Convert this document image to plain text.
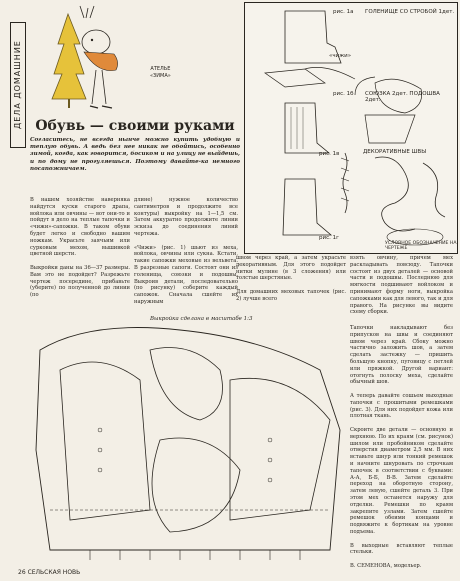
ДЕЛА ДОМАШНИЕ	АТЕЛЬЕ
«ЗИМА»
Обувь — своими руками
Согласитесь, не всегда нынче можно купить удобную и теплую обувь. А ведь без нее никак не обойтись, особенно зимой, когда, как говорится, босиком и на улицу не выйдешь, и по дому не прогуляешься. Поэтому давайте-ка немного посапожничаем.
В нашем хозяйстве наверняка найдутся куски старого драпа, войлока или овчины — вот они-то и пойдут в дело на теплые тапочки и «чижи»-сапожки. В таком обуви будет легко и свободно вашим ножкам. Украсьте заячьим или сурковым мехом, вышивкой цветной шерсти.

Выкройки даны на 36—37 размеры. Вам это не подойдет? Разрежьте чертеж посередине, прибавьте (уберите) по полученной до линии (по
длине) нужное количество сантиметров и продолжите все контуры) выкройку на 1—1,5 см. Затем аккуратно продолжите линии эскиза до соединения линий чертежа.

«Чижи» (рис. 1) шьют из меха, войлока, овчины или сукна. Кстати, такие сапожки меховые из вельвета. В разрезные сапоги. Состоят они из голенища, союзки и подошвы. Выкроив детали, последовательно (по рисунку) соберите каждый сапожок. Сначала сшейте их наружным
швом через край, а затем украсьте декоративным. Для этого подойдет нитки мулине (в 3 сложения) или толстые шерстяные.

Для домашних меховых тапочек (рис. 2) лучше всего
взять овчину, причем мех раскладывать повсюду. Тапочки состоят из двух деталей — основой части и подошвы. Последнюю для мягкости подшивают войлоком и принимают форму ноги, выкройка сапожками как для левого, так и для правого. На рисунке вы видите схему сборки.
Тапочки накладывают без припусков на швы и соединяют швом через край. Сбоку можно частично заложить шов, а затем сделать застежку — пришить большую кнопку, пуговицу с петлей или пряжкой. Другой вариант: отогнуть полоску меха, сделайте обычный шов.

А теперь давайте сошьем выходные тапочки с прошитыми ремешками (рис. 3). Для них подойдет кожа или плотная ткань.

Скроите две детали — основную и верхнюю. По их краям (см. рисунок) шилом или пробойником сделайте отверстия диаметром 2,5 мм. В них вставьте шнур или тонкий ремешок и начните шнуровать по строчкам тапочек в соответствии с буквами: А-А, Б-Б, В-В. Затем сделайте переход на оборотную сторону, затем левую, сшейте деталь 3. При этом мех останется наружу для отделки. Ремешки по краям закрепите узлами. Затем сшейте ремешок обеими концами и подвяжите к бортикам на уровне подъема.

В выходные вставляют теплые стельки.

В. СЕМЕНОВА, модельер.
рис. 1а ГОЛЕНИЩЕ СО СТРОБОЙ 1дет.
«чижи»
рис. 1б СОЮЗКА 2дет. ПОДОШВА 2дет.
рис. 1в	ДЕКОРАТИВНЫЕ ШВЫ
рис. 1г
УСЛОВНОЕ ОБОЗНАЧЕНИЕ НА ЧЕРТЕЖЕ
Выкройка сделана в масштабе 1:3
26 СЕЛЬСКАЯ НОВЬ
